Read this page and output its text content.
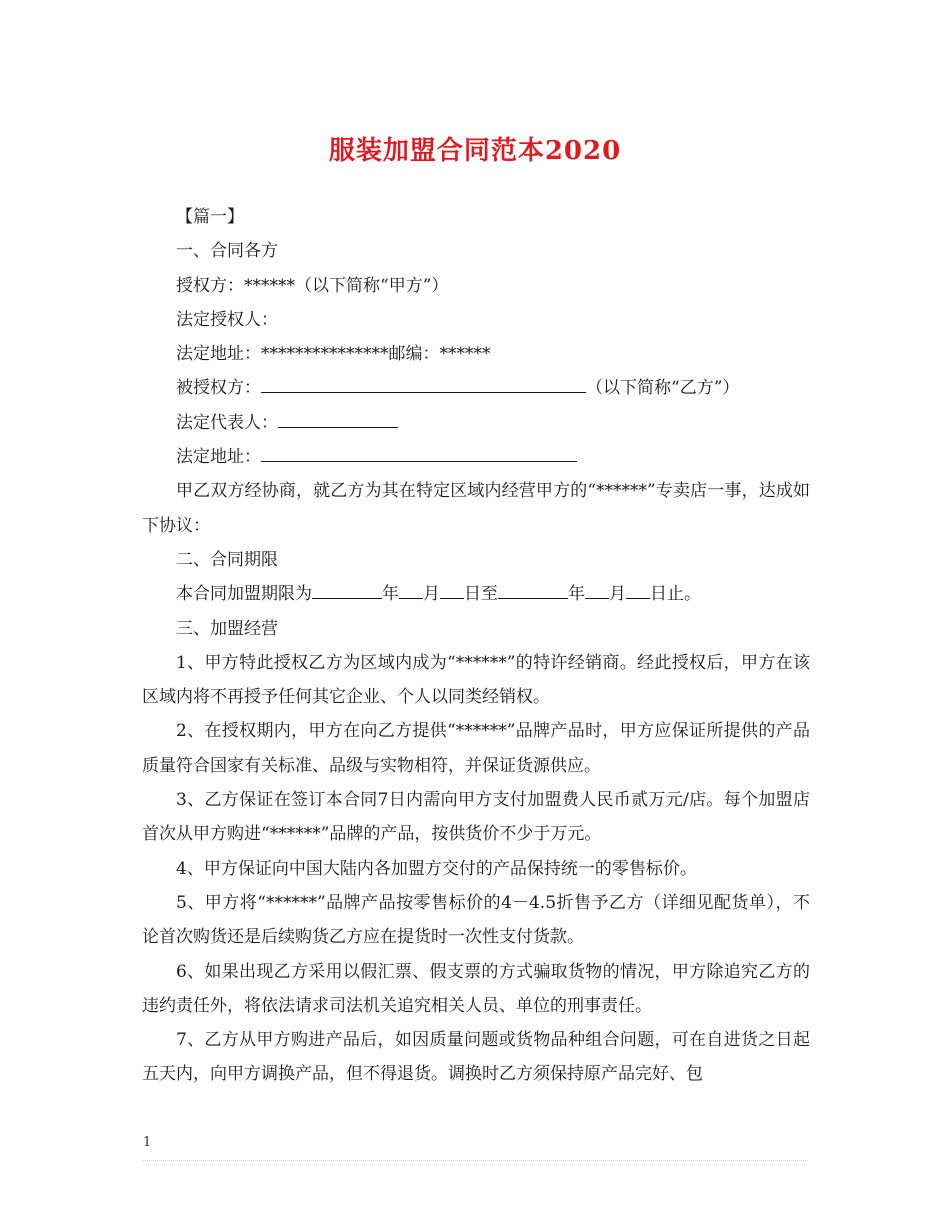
服装加盟合同范本2020

【篇一】

一、合同各方

授权方：******（以下简称“甲方”）

法定授权人：

法定地址：***************邮编：******

被授权方：	（以下简称“乙方”）

法定代表人：

法定地址：

甲乙双方经协商，就乙方为其在特定区域内经营甲方的“******”专卖店一事，达成如下协议：

二、合同期限

本合同加盟期限为	年 月 日至	年 月 日止。

三、加盟经营

1、甲方特此授权乙方为区域内成为“******”的特许经销商。经此授权后，甲方在该区域内将不再授予任何其它企业、个人以同类经销权。

2、在授权期内，甲方在向乙方提供“******”品牌产品时，甲方应保证所提供的产品质量符合国家有关标准、品级与实物相符，并保证货源供应。

3、乙方保证在签订本合同7日内需向甲方支付加盟费人民币贰万元/店。每个加盟店首次从甲方购进“******”品牌的产品，按供货价不少于万元。

4、甲方保证向中国大陆内各加盟方交付的产品保持统一的零售标价。

5、甲方将“******”品牌产品按零售标价的4－4.5折售予乙方（详细见配货单），不论首次购货还是后续购货乙方应在提货时一次性支付货款。

6、如果出现乙方采用以假汇票、假支票的方式骗取货物的情况，甲方除追究乙方的违约责任外，将依法请求司法机关追究相关人员、单位的刑事责任。

7、乙方从甲方购进产品后，如因质量问题或货物品种组合问题，可在自进货之日起五天内，向甲方调换产品，但不得退货。调换时乙方须保持原产品完好、包

1
